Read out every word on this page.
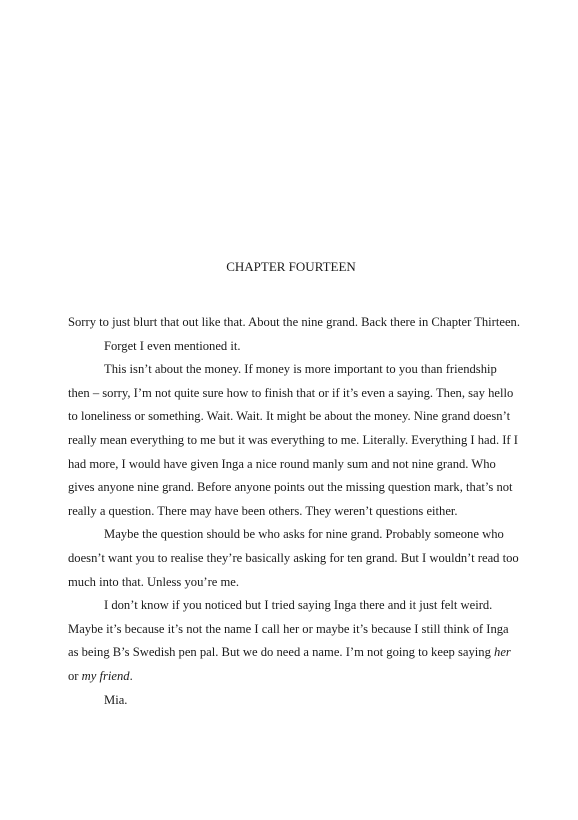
CHAPTER FOURTEEN

Sorry to just blurt that out like that. About the nine grand. Back there in Chapter Thirteen.

Forget I even mentioned it.

This isn’t about the money. If money is more important to you than friendship then – sorry, I’m not quite sure how to finish that or if it’s even a saying. Then, say hello to loneliness or something. Wait. Wait. It might be about the money. Nine grand doesn’t really mean everything to me but it was everything to me. Literally. Everything I had. If I had more, I would have given Inga a nice round manly sum and not nine grand. Who gives anyone nine grand. Before anyone points out the missing question mark, that’s not really a question. There may have been others. They weren’t questions either.

Maybe the question should be who asks for nine grand. Probably someone who doesn’t want you to realise they’re basically asking for ten grand. But I wouldn’t read too much into that. Unless you’re me.

I don’t know if you noticed but I tried saying Inga there and it just felt weird. Maybe it’s because it’s not the name I call her or maybe it’s because I still think of Inga as being B’s Swedish pen pal. But we do need a name. I’m not going to keep saying her or my friend.

Mia.
